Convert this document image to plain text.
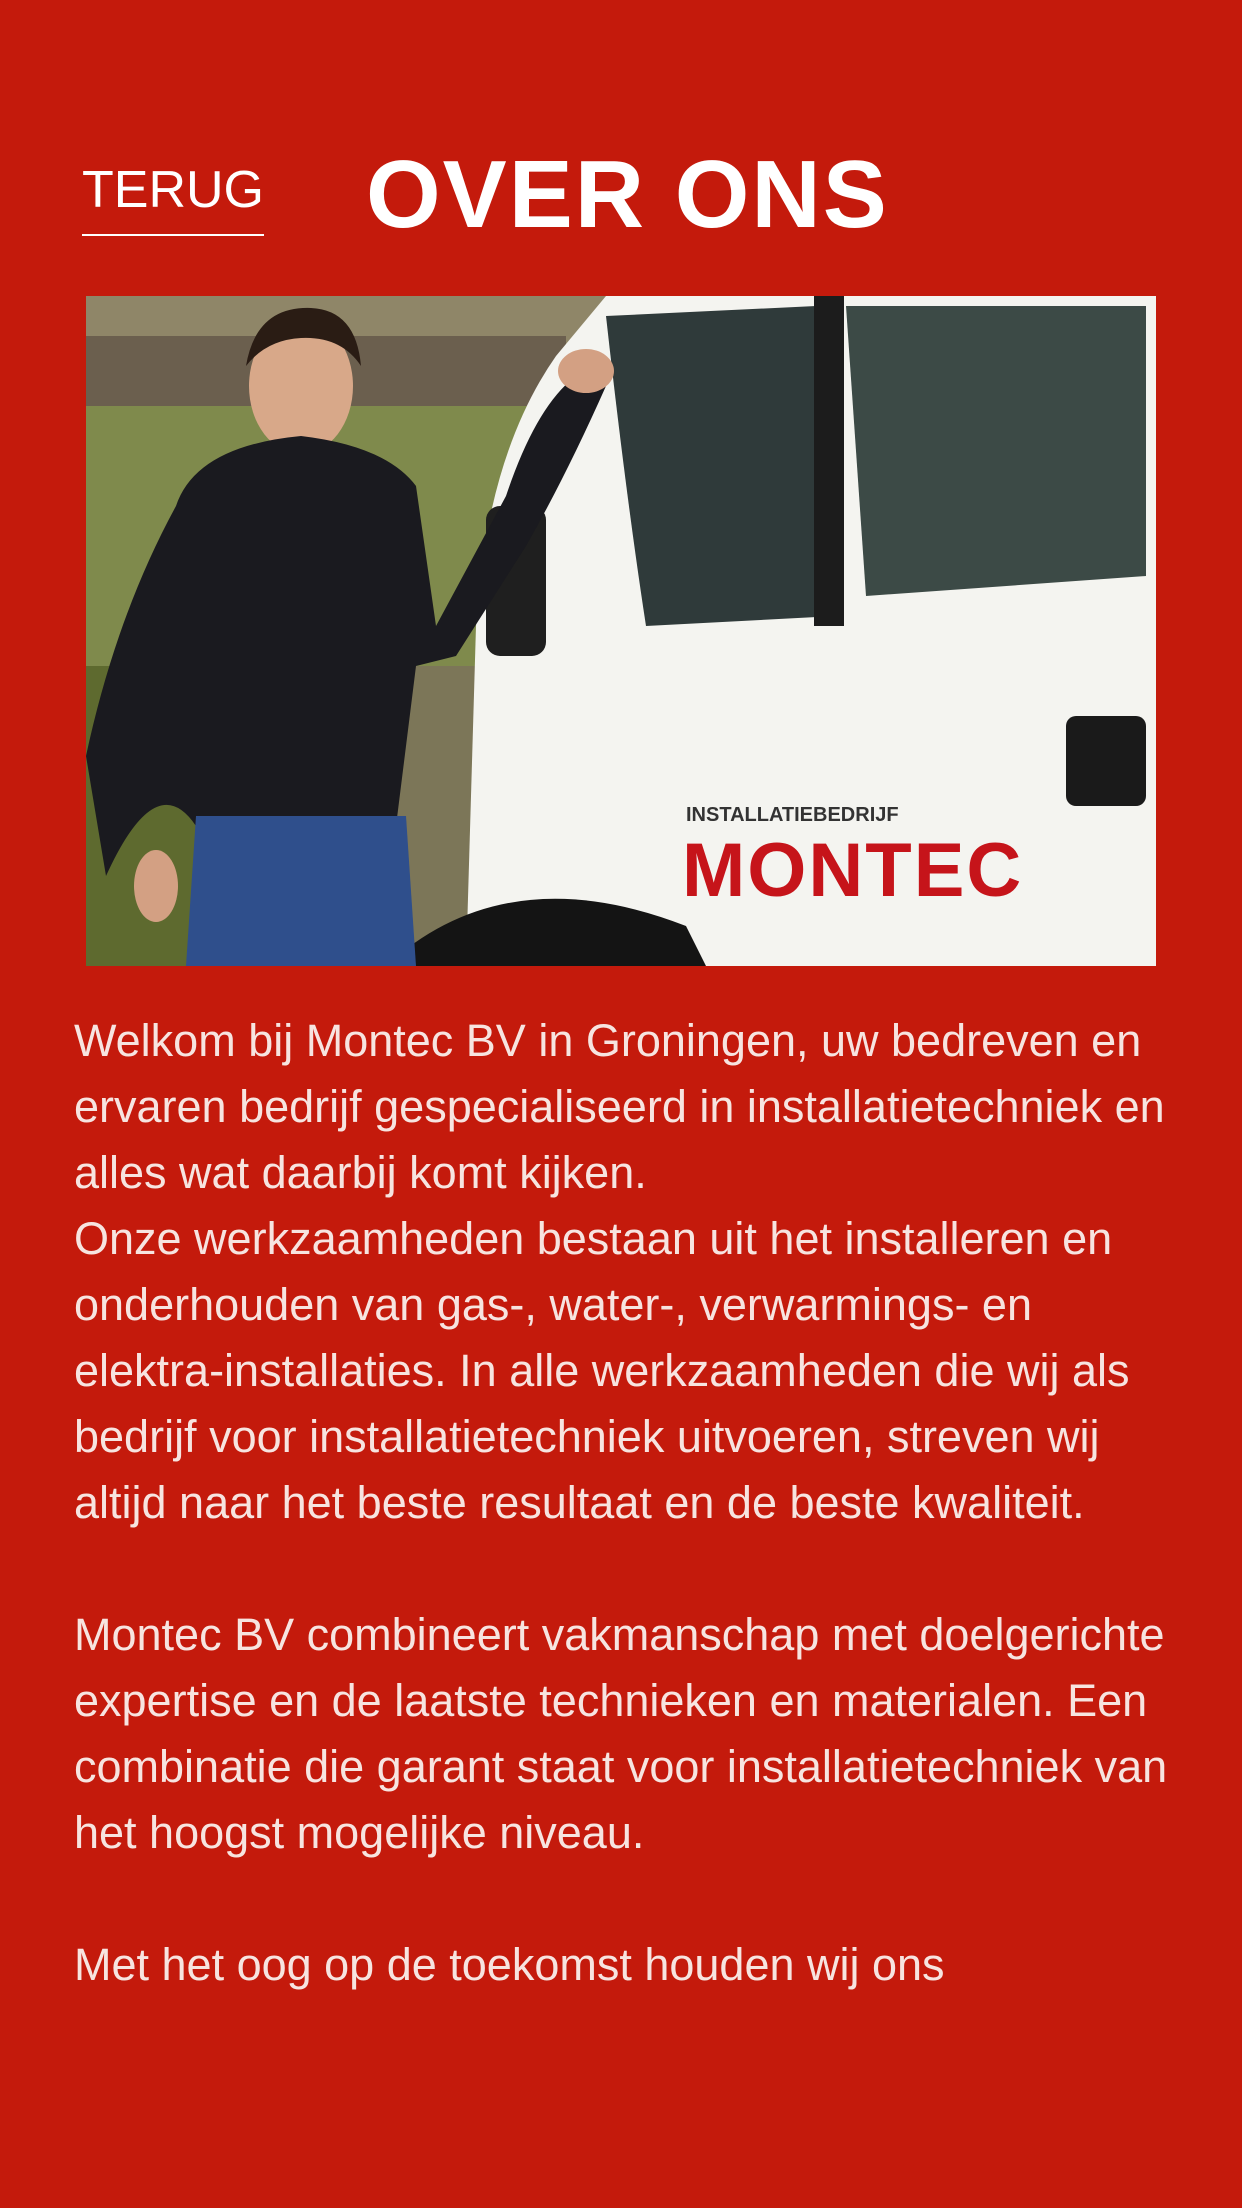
TERUG OVER ONS
INSTALLATIEBEDRIJF
MONTEC

Welkom bij Montec BV in Groningen, uw bedreven en ervaren bedrijf gespecialiseerd in installatietechniek en alles wat daarbij komt kijken.

Onze werkzaamheden bestaan uit het installeren en onderhouden van gas-, water-, verwarmings- en elektra-installaties. In alle werkzaamheden die wij als bedrijf voor installatietechniek uitvoeren, streven wij altijd naar het beste resultaat en de beste kwaliteit.

Montec BV combineert vakmanschap met doelgerichte expertise en de laatste technieken en materialen. Een combinatie die garant staat voor installatietechniek van het hoogst mogelijke niveau.

Met het oog op de toekomst houden wij ons
